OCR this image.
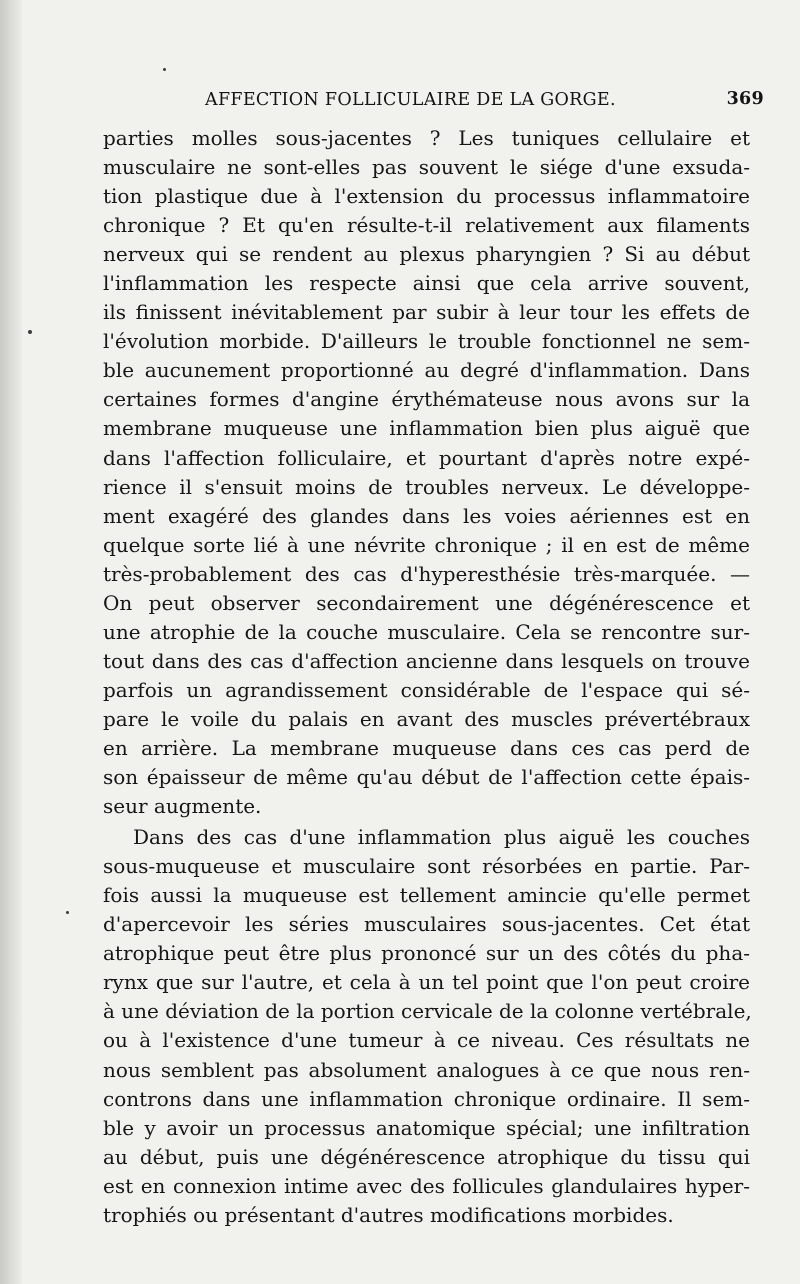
AFFECTION FOLLICULAIRE DE LA GORGE.	369
parties molles sous-jacentes ? Les tuniques cellulaire et
musculaire ne sont-elles pas souvent le siége d'une exsuda-
tion plastique due à l'extension du processus inflammatoire
chronique ? Et qu'en résulte-t-il relativement aux filaments
nerveux qui se rendent au plexus pharyngien ? Si au début
l'inflammation les respecte ainsi que cela arrive souvent,
ils finissent inévitablement par subir à leur tour les effets de
l'évolution morbide. D'ailleurs le trouble fonctionnel ne sem-
ble aucunement proportionné au degré d'inflammation. Dans
certaines formes d'angine érythémateuse nous avons sur la
membrane muqueuse une inflammation bien plus aiguë que
dans l'affection folliculaire, et pourtant d'après notre expé-
rience il s'ensuit moins de troubles nerveux. Le développe-
ment exagéré des glandes dans les voies aériennes est en
quelque sorte lié à une névrite chronique ; il en est de même
très-probablement des cas d'hyperesthésie très-marquée. —
On peut observer secondairement une dégénérescence et
une atrophie de la couche musculaire. Cela se rencontre sur-
tout dans des cas d'affection ancienne dans lesquels on trouve
parfois un agrandissement considérable de l'espace qui sé-
pare le voile du palais en avant des muscles prévertébraux
en arrière. La membrane muqueuse dans ces cas perd de
son épaisseur de même qu'au début de l'affection cette épais-
seur augmente.
Dans des cas d'une inflammation plus aiguë les couches
sous-muqueuse et musculaire sont résorbées en partie. Par-
fois aussi la muqueuse est tellement amincie qu'elle permet
d'apercevoir les séries musculaires sous-jacentes. Cet état
atrophique peut être plus prononcé sur un des côtés du pha-
rynx que sur l'autre, et cela à un tel point que l'on peut croire
à une déviation de la portion cervicale de la colonne vertébrale,
ou à l'existence d'une tumeur à ce niveau. Ces résultats ne
nous semblent pas absolument analogues à ce que nous ren-
controns dans une inflammation chronique ordinaire. Il sem-
ble y avoir un processus anatomique spécial; une infiltration
au début, puis une dégénérescence atrophique du tissu qui
est en connexion intime avec des follicules glandulaires hyper-
trophiés ou présentant d'autres modifications morbides.
